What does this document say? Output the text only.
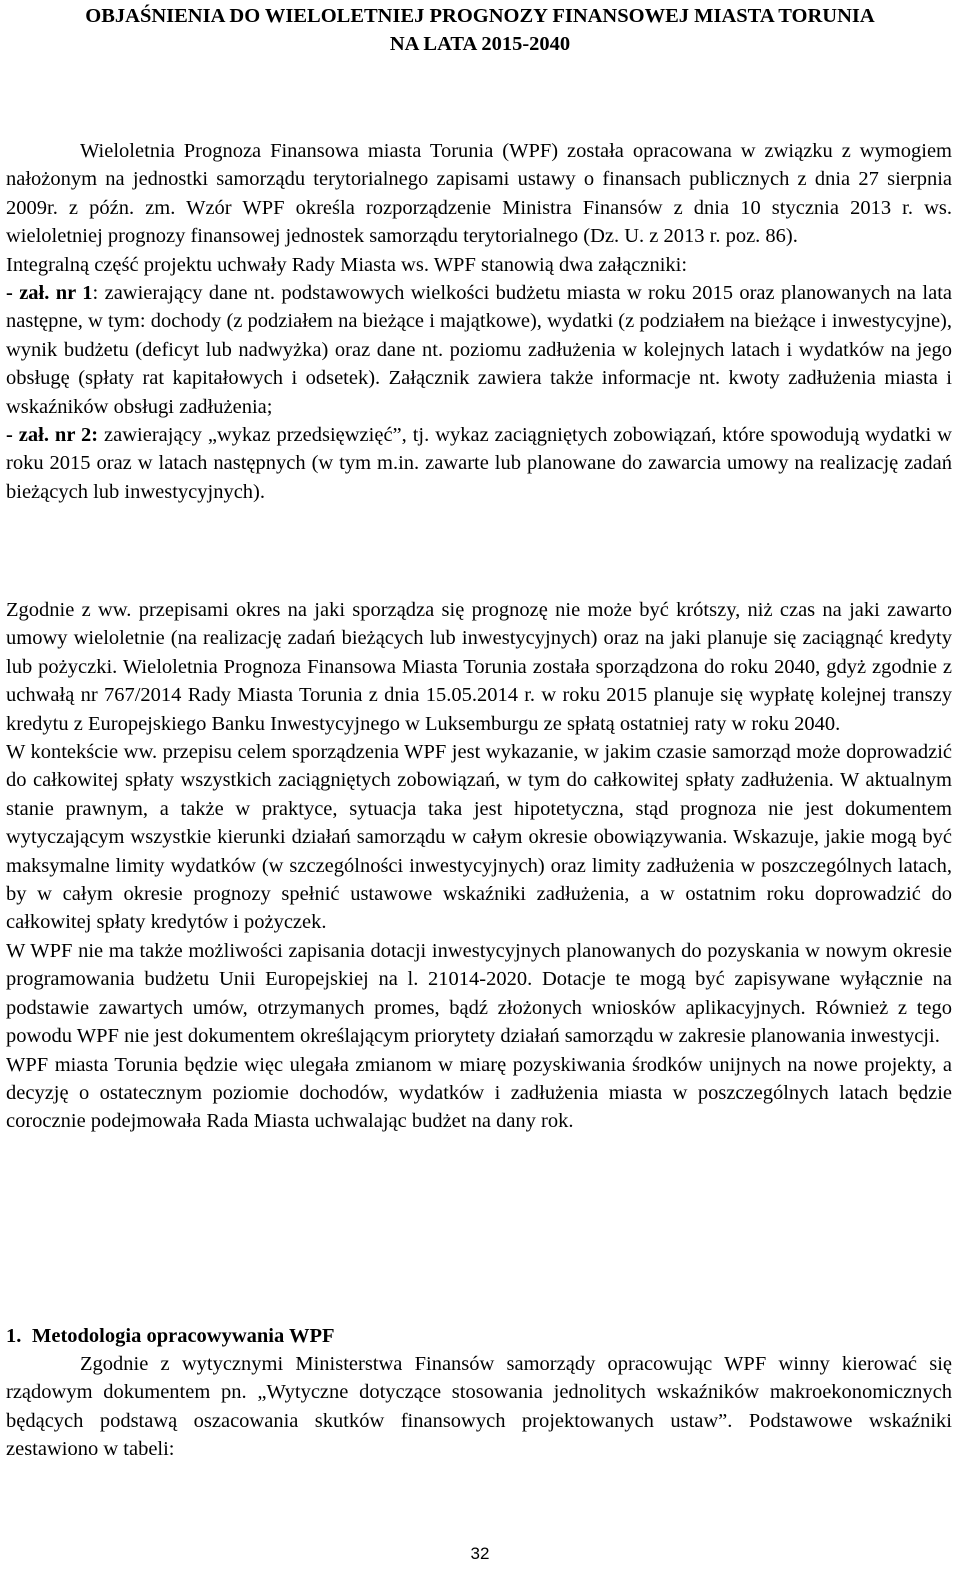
OBJAŚNIENIA DO WIELOLETNIEJ PROGNOZY FINANSOWEJ MIASTA TORUNIA
NA LATA 2015-2040

Wieloletnia Prognoza Finansowa miasta Torunia (WPF) została opracowana w związku z wymogiem nałożonym na jednostki samorządu terytorialnego zapisami ustawy o finansach publicznych z dnia 27 sierpnia 2009r. z późn. zm. Wzór WPF określa rozporządzenie Ministra Finansów z dnia 10 stycznia 2013 r. ws. wieloletniej prognozy finansowej jednostek samorządu terytorialnego (Dz. U. z 2013 r. poz. 86).

Integralną część projektu uchwały Rady Miasta ws. WPF stanowią dwa załączniki:

- zał. nr 1: zawierający dane nt. podstawowych wielkości budżetu miasta w roku 2015 oraz planowanych na lata następne, w tym: dochody (z podziałem na bieżące i majątkowe), wydatki (z podziałem na bieżące i inwestycyjne), wynik budżetu (deficyt lub nadwyżka) oraz dane nt. poziomu zadłużenia w kolejnych latach i wydatków na jego obsługę (spłaty rat kapitałowych i odsetek). Załącznik zawiera także informacje nt. kwoty zadłużenia miasta i wskaźników obsługi zadłużenia;

- zał. nr 2: zawierający „wykaz przedsięwzięć”, tj. wykaz zaciągniętych zobowiązań, które spowodują wydatki w roku 2015 oraz w latach następnych (w tym m.in. zawarte lub planowane do zawarcia umowy na realizację zadań bieżących lub inwestycyjnych).

Zgodnie z ww. przepisami okres na jaki sporządza się prognozę nie może być krótszy, niż czas na jaki zawarto umowy wieloletnie (na realizację zadań bieżących lub inwestycyjnych) oraz na jaki planuje się zaciągnąć kredyty lub pożyczki. Wieloletnia Prognoza Finansowa Miasta Torunia została sporządzona do roku 2040, gdyż zgodnie z uchwałą nr 767/2014 Rady Miasta Torunia z dnia 15.05.2014 r. w roku 2015 planuje się wypłatę kolejnej transzy kredytu z Europejskiego Banku Inwestycyjnego w Luksemburgu ze spłatą ostatniej raty w roku 2040.

W kontekście ww. przepisu celem sporządzenia WPF jest wykazanie, w jakim czasie samorząd może doprowadzić do całkowitej spłaty wszystkich zaciągniętych zobowiązań, w tym do całkowitej spłaty zadłużenia. W aktualnym stanie prawnym, a także w praktyce, sytuacja taka jest hipotetyczna, stąd prognoza nie jest dokumentem wytyczającym wszystkie kierunki działań samorządu w całym okresie obowiązywania. Wskazuje, jakie mogą być maksymalne limity wydatków (w szczególności inwestycyjnych) oraz limity zadłużenia w poszczególnych latach, by w całym okresie prognozy spełnić ustawowe wskaźniki zadłużenia, a w ostatnim roku doprowadzić do całkowitej spłaty kredytów i pożyczek.

W WPF nie ma także możliwości zapisania dotacji inwestycyjnych planowanych do pozyskania w nowym okresie programowania budżetu Unii Europejskiej na l. 21014-2020. Dotacje te mogą być zapisywane wyłącznie na podstawie zawartych umów, otrzymanych promes, bądź złożonych wniosków aplikacyjnych. Również z tego powodu WPF nie jest dokumentem określającym priorytety działań samorządu w zakresie planowania inwestycji.

WPF miasta Torunia będzie więc ulegała zmianom w miarę pozyskiwania środków unijnych na nowe projekty, a decyzję o ostatecznym poziomie dochodów, wydatków i zadłużenia miasta w poszczególnych latach będzie corocznie podejmowała Rada Miasta uchwalając budżet na dany rok.

1. Metodologia opracowywania WPF

Zgodnie z wytycznymi Ministerstwa Finansów samorządy opracowując WPF winny kierować się rządowym dokumentem pn. „Wytyczne dotyczące stosowania jednolitych wskaźników makroekonomicznych będących podstawą oszacowania skutków finansowych projektowanych ustaw”. Podstawowe wskaźniki zestawiono w tabeli:

32
